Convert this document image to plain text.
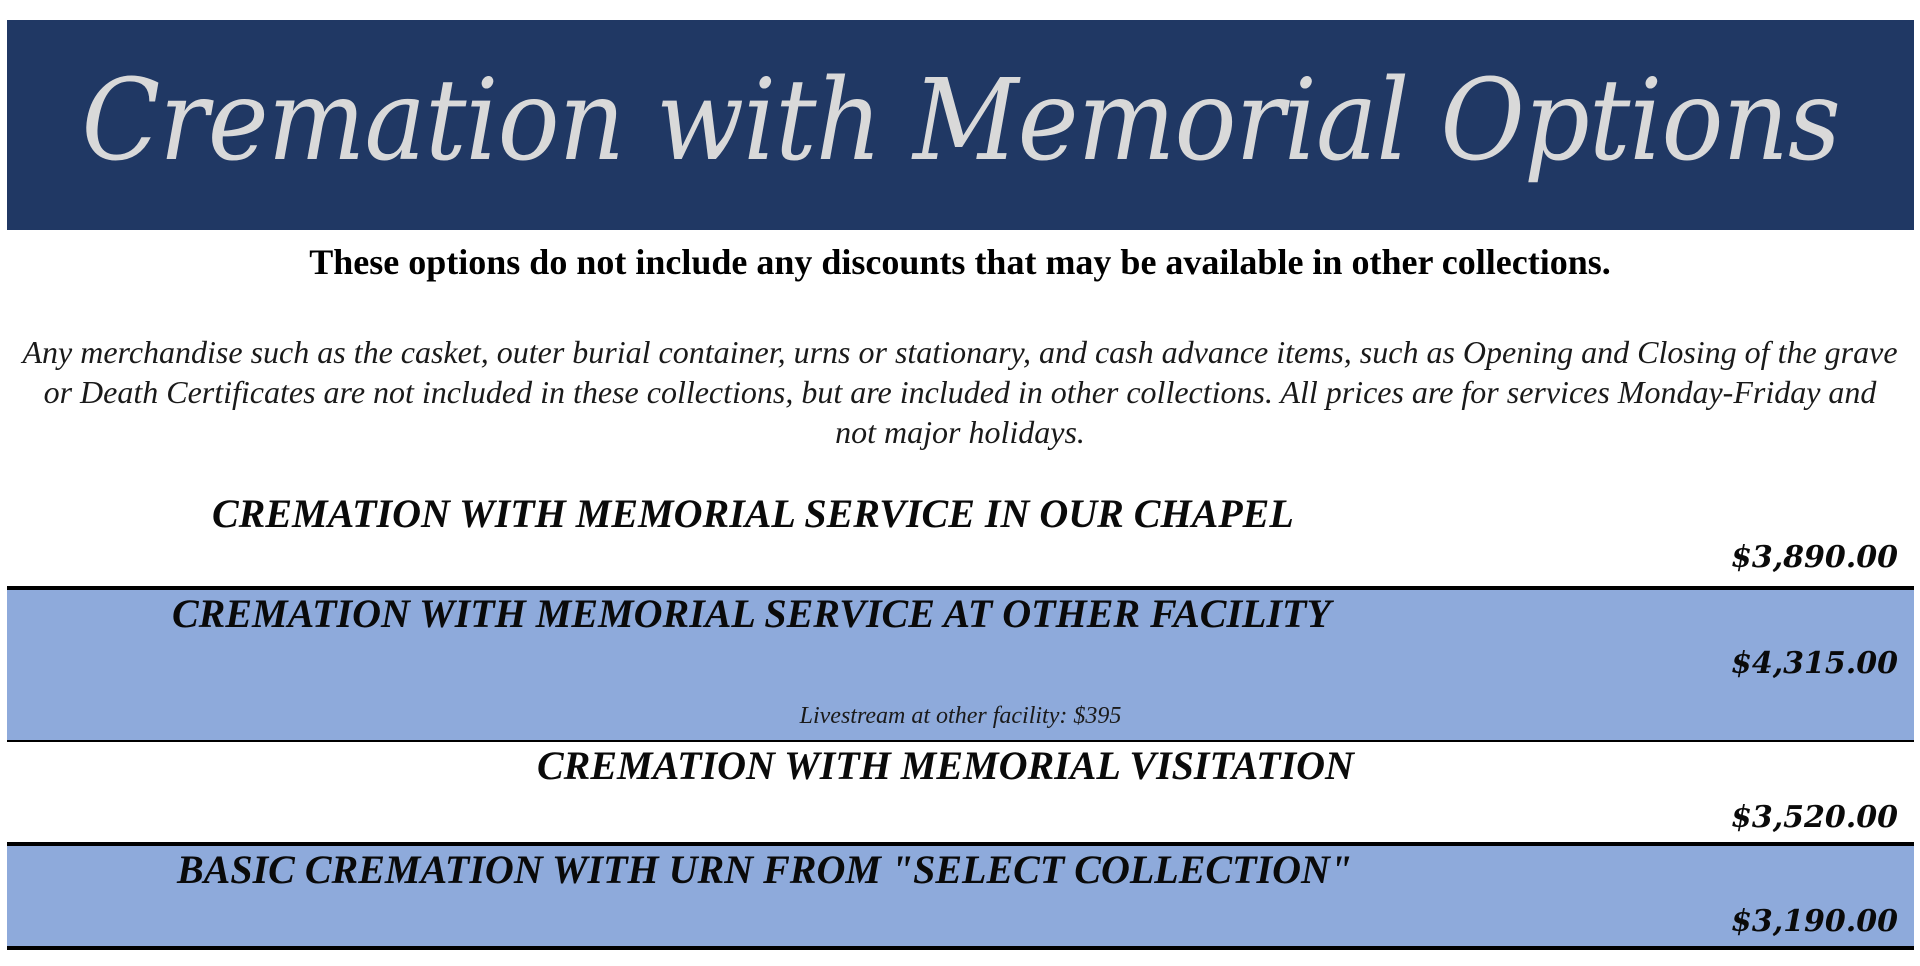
Cremation with Memorial Options
These options do not include any discounts that may be available in other collections.
Any merchandise such as the casket, outer burial container, urns or stationary, and cash advance items, such as Opening and Closing of the grave or Death Certificates are not included in these collections, but are included in other collections. All prices are for services Monday-Friday and not major holidays.
CREMATION WITH MEMORIAL SERVICE IN OUR CHAPEL
$3,890.00
CREMATION WITH MEMORIAL SERVICE AT OTHER FACILITY
$4,315.00
Livestream at other facility: $395
CREMATION WITH MEMORIAL VISITATION
$3,520.00
BASIC CREMATION WITH URN FROM "SELECT COLLECTION"
$3,190.00
